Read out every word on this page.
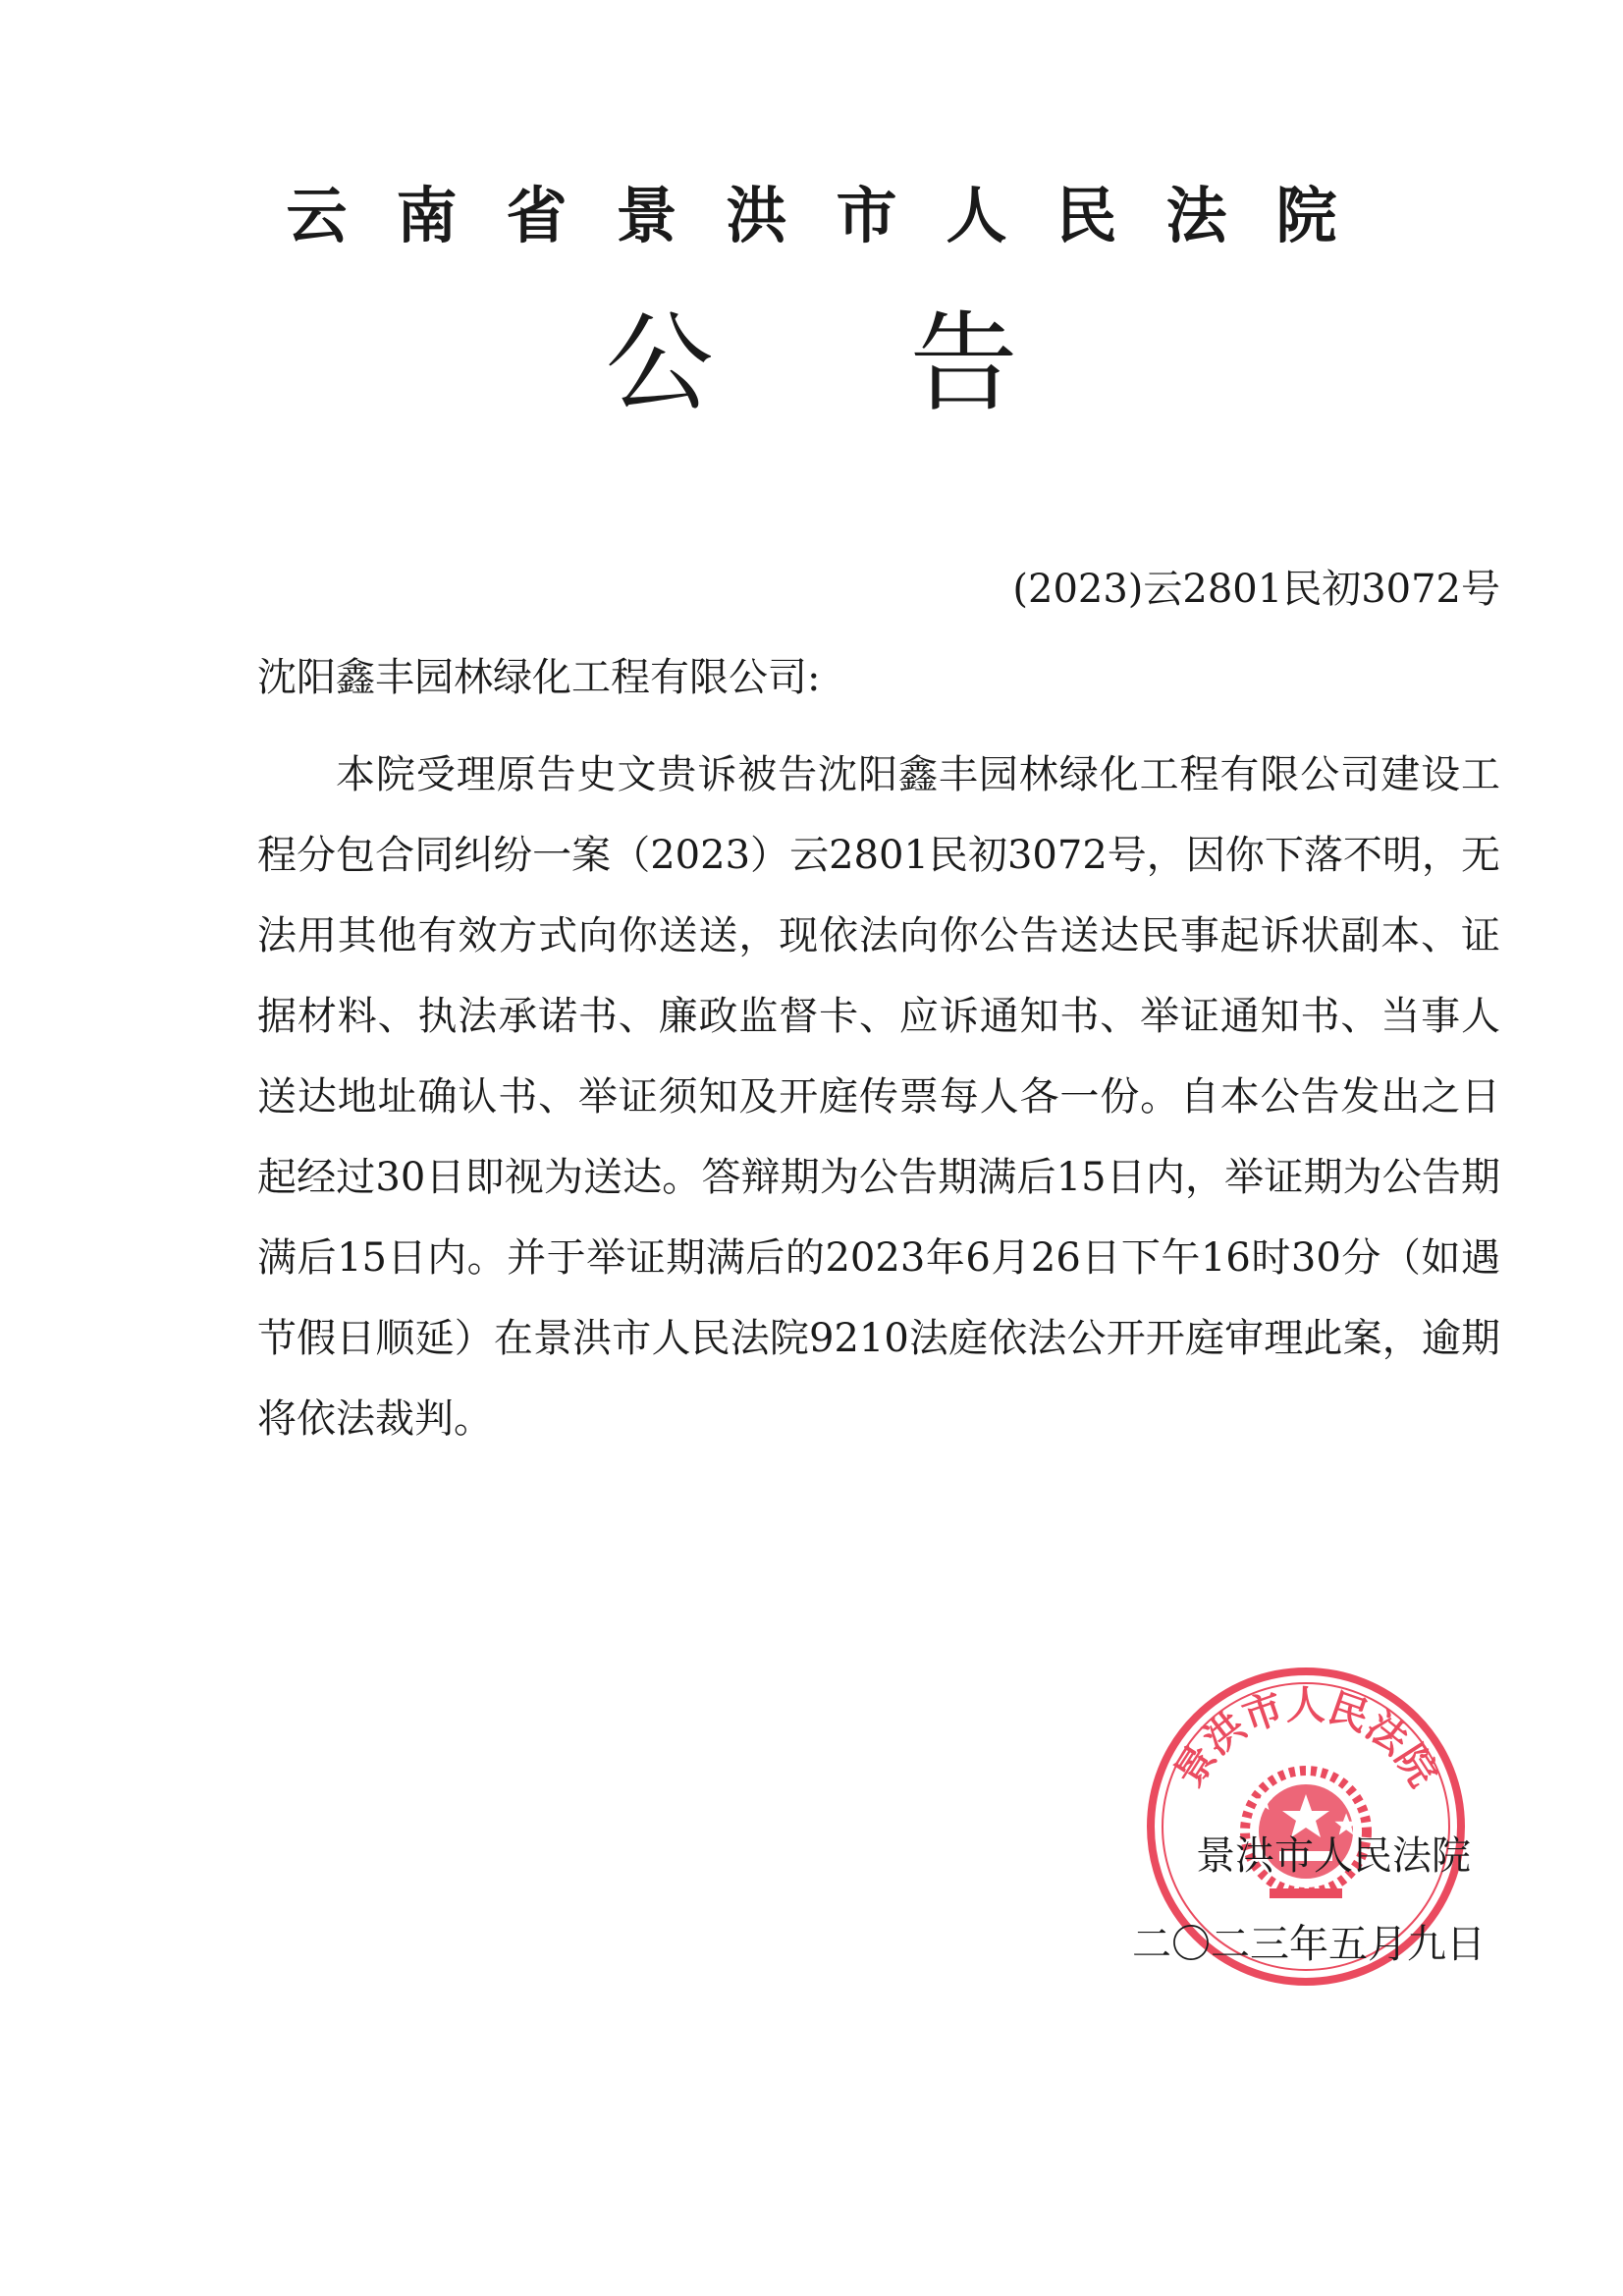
云南省景洪市人民法院
公告
(2023)云2801民初3072号
沈阳鑫丰园林绿化工程有限公司:

本院受理原告史文贵诉被告沈阳鑫丰园林绿化工程有限公司建设工程分包合同纠纷一案（2023）云2801民初3072号，因你下落不明，无法用其他有效方式向你送送，现依法向你公告送达民事起诉状副本、证据材料、执法承诺书、廉政监督卡、应诉通知书、举证通知书、当事人送达地址确认书、举证须知及开庭传票每人各一份。自本公告发出之日起经过30日即视为送达。答辩期为公告期满后15日内，举证期为公告期满后15日内。并于举证期满后的2023年6月26日下午16时30分（如遇节假日顺延）在景洪市人民法院9210法庭依法公开开庭审理此案，逾期将依法裁判。

景洪市人民法院
景洪市人民法院
二〇二三年五月九日
